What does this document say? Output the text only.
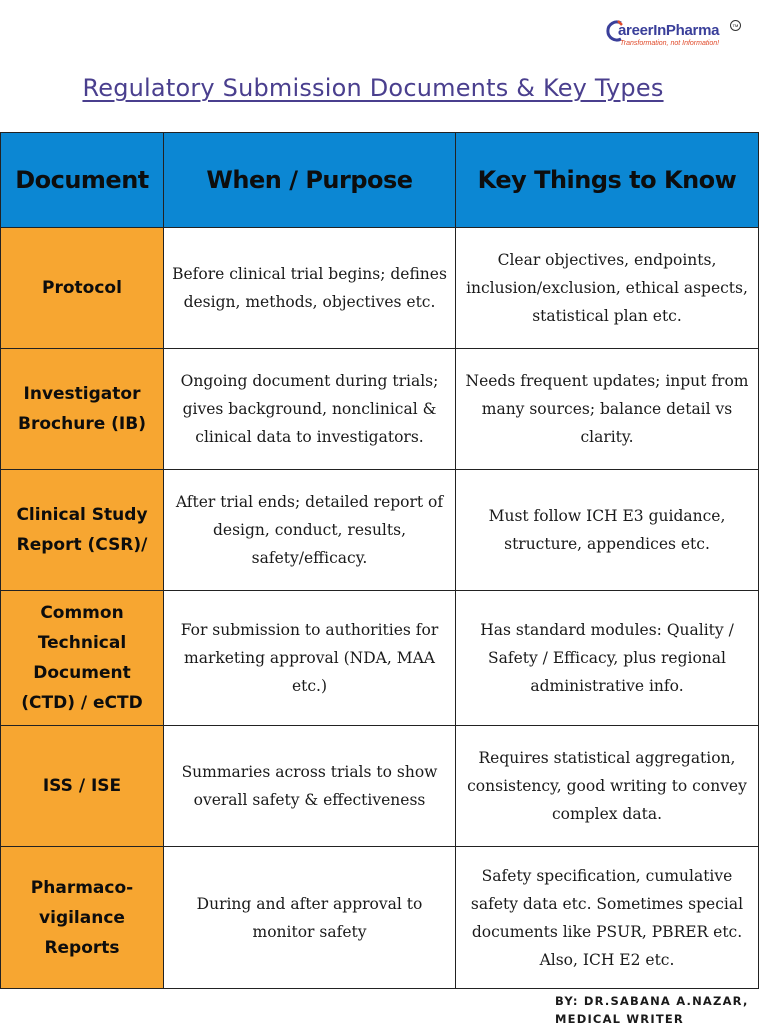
areerInPharma
Transformation, not Information!
TM
Regulatory Submission Documents & Key Types
Document	When / Purpose	Key Things to Know
Protocol	Before clinical trial begins; defines design, methods, objectives etc.	Clear objectives, endpoints, inclusion/exclusion, ethical aspects, statistical plan etc.
Investigator Brochure (IB)	Ongoing document during trials; gives background, nonclinical & clinical data to investigators.	Needs frequent updates; input from many sources; balance detail vs clarity.
Clinical Study Report (CSR)/	After trial ends; detailed report of design, conduct, results, safety/efficacy.	Must follow ICH E3 guidance, structure, appendices etc.
Common Technical Document (CTD) / eCTD	For submission to authorities for marketing approval (NDA, MAA etc.)	Has standard modules: Quality / Safety / Efficacy, plus regional administrative info.
ISS / ISE	Summaries across trials to show overall safety & effectiveness	Requires statistical aggregation, consistency, good writing to convey complex data.
Pharmaco-vigilance Reports	During and after approval to monitor safety	Safety specification, cumulative safety data etc. Sometimes special documents like PSUR, PBRER etc. Also, ICH E2 etc.
BY: DR.SABANA A.NAZAR,
MEDICAL WRITER
